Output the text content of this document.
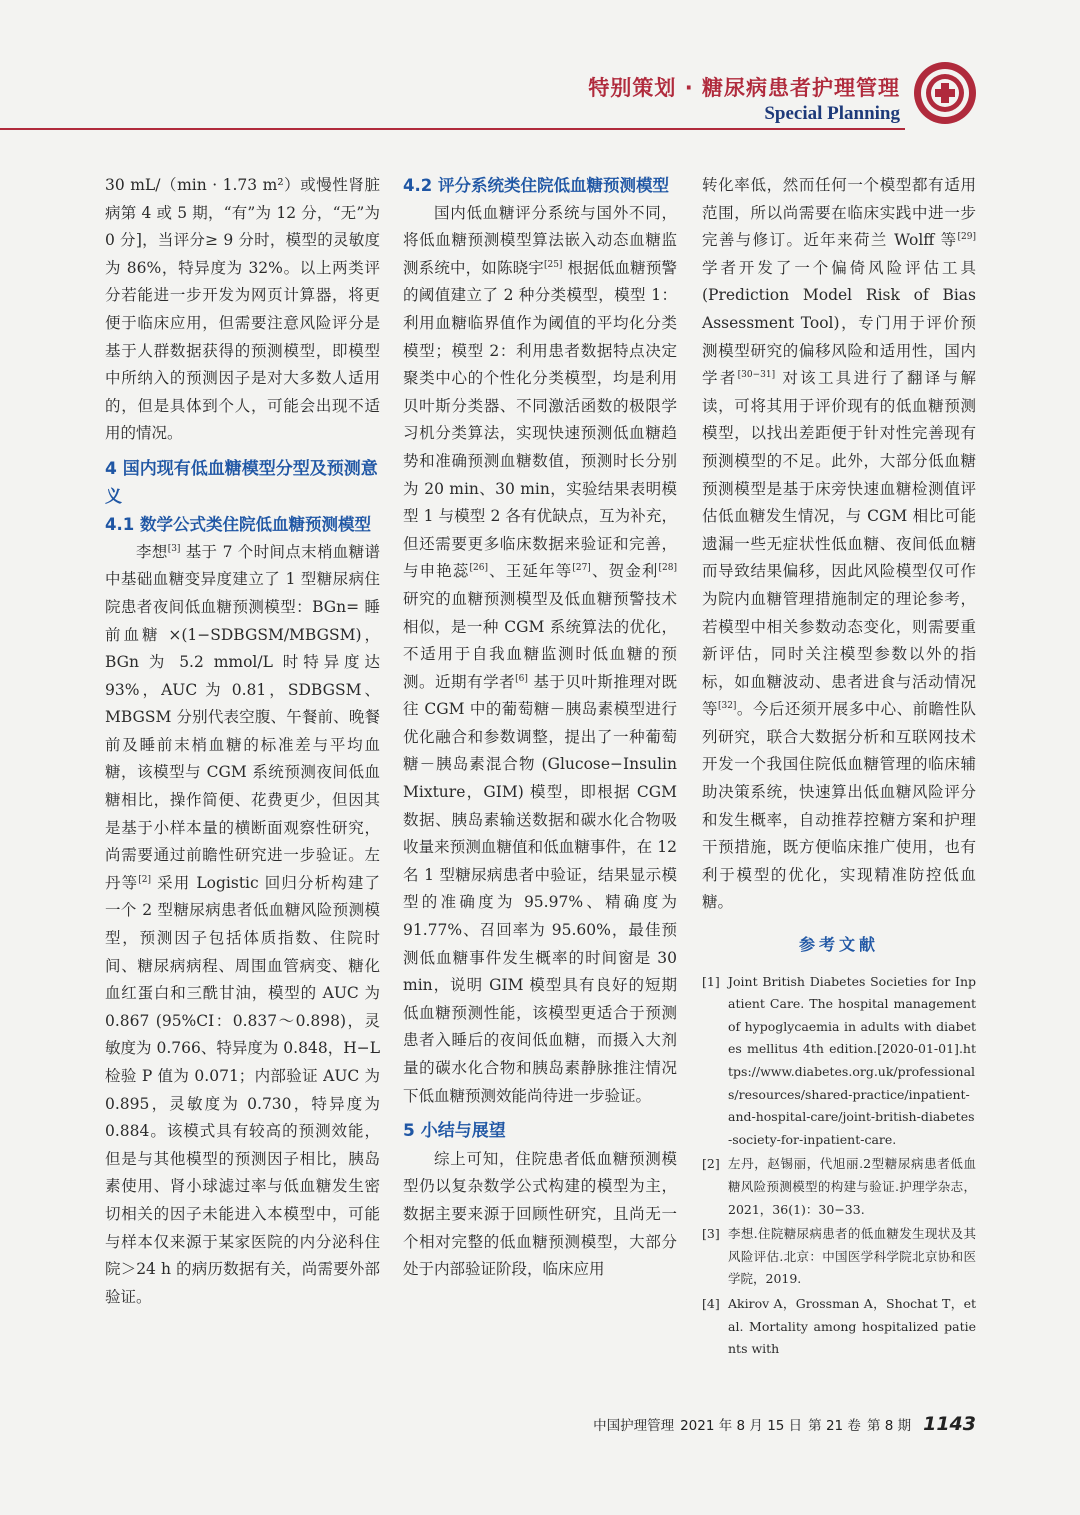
特别策划 · 糖尿病患者护理管理
Special Planning

30 mL/（min · 1.73 m²）或慢性肾脏病第 4 或 5 期，“有”为 12 分，“无”为 0 分]，当评分≥ 9 分时，模型的灵敏度为 86%，特异度为 32%。以上两类评分若能进一步开发为网页计算器，将更便于临床应用，但需要注意风险评分是基于人群数据获得的预测模型，即模型中所纳入的预测因子是对大多数人适用的，但是具体到个人，可能会出现不适用的情况。

4 国内现有低血糖模型分型及预测意义
4.1 数学公式类住院低血糖预测模型

李想[3] 基于 7 个时间点末梢血糖谱中基础血糖变异度建立了 1 型糖尿病住院患者夜间低血糖预测模型：BGn= 睡前血糖 ×(1−SDBGSM/MBGSM)，BGn 为 5.2 mmol/L 时特异度达 93%，AUC 为 0.81，SDBGSM、MBGSM 分别代表空腹、午餐前、晚餐前及睡前末梢血糖的标准差与平均血糖，该模型与 CGM 系统预测夜间低血糖相比，操作简便、花费更少，但因其是基于小样本量的横断面观察性研究，尚需要通过前瞻性研究进一步验证。左丹等[2] 采用 Logistic 回归分析构建了一个 2 型糖尿病患者低血糖风险预测模型，预测因子包括体质指数、住院时间、糖尿病病程、周围血管病变、糖化血红蛋白和三酰甘油，模型的 AUC 为 0.867 (95%CI：0.837～0.898)，灵敏度为 0.766、特异度为 0.848，H−L 检验 P 值为 0.071；内部验证 AUC 为 0.895，灵敏度为 0.730，特异度为 0.884。该模式具有较高的预测效能，但是与其他模型的预测因子相比，胰岛素使用、肾小球滤过率与低血糖发生密切相关的因子未能进入本模型中，可能与样本仅来源于某家医院的内分泌科住院＞24 h 的病历数据有关，尚需要外部验证。

4.2 评分系统类住院低血糖预测模型

国内低血糖评分系统与国外不同，将低血糖预测模型算法嵌入动态血糖监测系统中，如陈晓宇[25] 根据低血糖预警的阈值建立了 2 种分类模型，模型 1：利用血糖临界值作为阈值的平均化分类模型；模型 2：利用患者数据特点决定聚类中心的个性化分类模型，均是利用贝叶斯分类器、不同激活函数的极限学习机分类算法，实现快速预测低血糖趋势和准确预测血糖数值，预测时长分别为 20 min、30 min，实验结果表明模型 1 与模型 2 各有优缺点，互为补充，但还需要更多临床数据来验证和完善，与申艳蕊[26]、王延年等[27]、贺金利[28] 研究的血糖预测模型及低血糖预警技术相似，是一种 CGM 系统算法的优化，不适用于自我血糖监测时低血糖的预测。近期有学者[6] 基于贝叶斯推理对既往 CGM 中的葡萄糖－胰岛素模型进行优化融合和参数调整，提出了一种葡萄糖－胰岛素混合物 (Glucose−Insulin Mixture，GIM) 模型，即根据 CGM 数据、胰岛素输送数据和碳水化合物吸收量来预测血糖值和低血糖事件，在 12 名 1 型糖尿病患者中验证，结果显示模型的准确度为 95.97%、精确度为 91.77%、召回率为 95.60%，最佳预测低血糖事件发生概率的时间窗是 30 min，说明 GIM 模型具有良好的短期低血糖预测性能，该模型更适合于预测患者入睡后的夜间低血糖，而摄入大剂量的碳水化合物和胰岛素静脉推注情况下低血糖预测效能尚待进一步验证。

5 小结与展望

综上可知，住院患者低血糖预测模型仍以复杂数学公式构建的模型为主，数据主要来源于回顾性研究，且尚无一个相对完整的低血糖预测模型，大部分处于内部验证阶段，临床应用

转化率低，然而任何一个模型都有适用范围，所以尚需要在临床实践中进一步完善与修订。近年来荷兰 Wolff 等[29] 学者开发了一个偏倚风险评估工具 (Prediction Model Risk of Bias Assessment Tool)，专门用于评价预测模型研究的偏移风险和适用性，国内学者[30−31] 对该工具进行了翻译与解读，可将其用于评价现有的低血糖预测模型，以找出差距便于针对性完善现有预测模型的不足。此外，大部分低血糖预测模型是基于床旁快速血糖检测值评估低血糖发生情况，与 CGM 相比可能遗漏一些无症状性低血糖、夜间低血糖而导致结果偏移，因此风险模型仅可作为院内血糖管理措施制定的理论参考，若模型中相关参数动态变化，则需要重新评估，同时关注模型参数以外的指标，如血糖波动、患者进食与活动情况等[32]。今后还须开展多中心、前瞻性队列研究，联合大数据分析和互联网技术开发一个我国住院低血糖管理的临床辅助决策系统，快速算出低血糖风险评分和发生概率，自动推荐控糖方案和护理干预措施，既方便临床推广使用，也有利于模型的优化，实现精准防控低血糖。

参考文献
[1] Joint British Diabetes Societies for Inpatient Care. The hospital management of hypoglycaemia in adults with diabetes mellitus 4th edition.[2020-01-01].https://www.diabetes.org.uk/professionals/resources/shared-practice/inpatient-and-hospital-care/joint-british-diabetes-society-for-inpatient-care.
[2] 左丹，赵锡丽，代旭丽.2型糖尿病患者低血糖风险预测模型的构建与验证.护理学杂志，2021，36(1)：30−33.
[3] 李想.住院糖尿病患者的低血糖发生现状及其风险评估.北京：中国医学科学院北京协和医学院，2019.
[4] Akirov A，Grossman A，Shochat T，et al. Mortality among hospitalized patients with
中国护理管理 2021 年 8 月 15 日 第 21 卷 第 8 期 1143
